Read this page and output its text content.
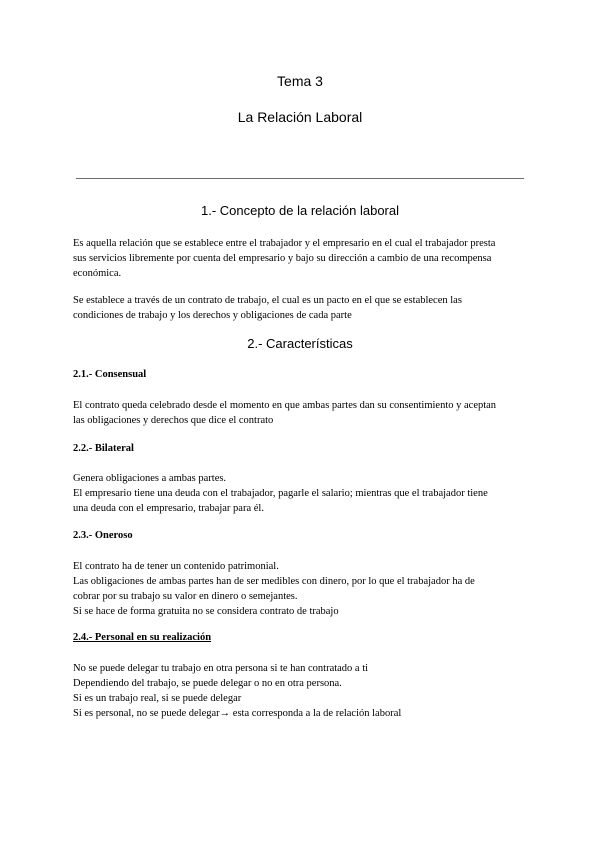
Tema 3
La Relación Laboral
1.- Concepto de la relación laboral

Es aquella relación que se establece entre el trabajador y el empresario en el cual el trabajador presta

sus servicios libremente por cuenta del empresario y bajo su dirección a cambio de una recompensa

económica.

Se establece a través de un contrato de trabajo, el cual es un pacto en el que se establecen las

condiciones de trabajo y los derechos y obligaciones de cada parte

2.- Características
2.1.- Consensual

El contrato queda celebrado desde el momento en que ambas partes dan su consentimiento y aceptan

las obligaciones y derechos que dice el contrato

2.2.- Bilateral

Genera obligaciones a ambas partes.

El empresario tiene una deuda con el trabajador, pagarle el salario; mientras que el trabajador tiene

una deuda con el empresario, trabajar para él.

2.3.- Oneroso

El contrato ha de tener un contenido patrimonial.

Las obligaciones de ambas partes han de ser medibles con dinero, por lo que el trabajador ha de

cobrar por su trabajo su valor en dinero o semejantes.

Si se hace de forma gratuita no se considera contrato de trabajo

2.4.- Personal en su realización

No se puede delegar tu trabajo en otra persona si te han contratado a ti

Dependiendo del trabajo, se puede delegar o no en otra persona.

Si es un trabajo real, si se puede delegar

Si es personal, no se puede delegar→ esta corresponda a la de relación laboral
